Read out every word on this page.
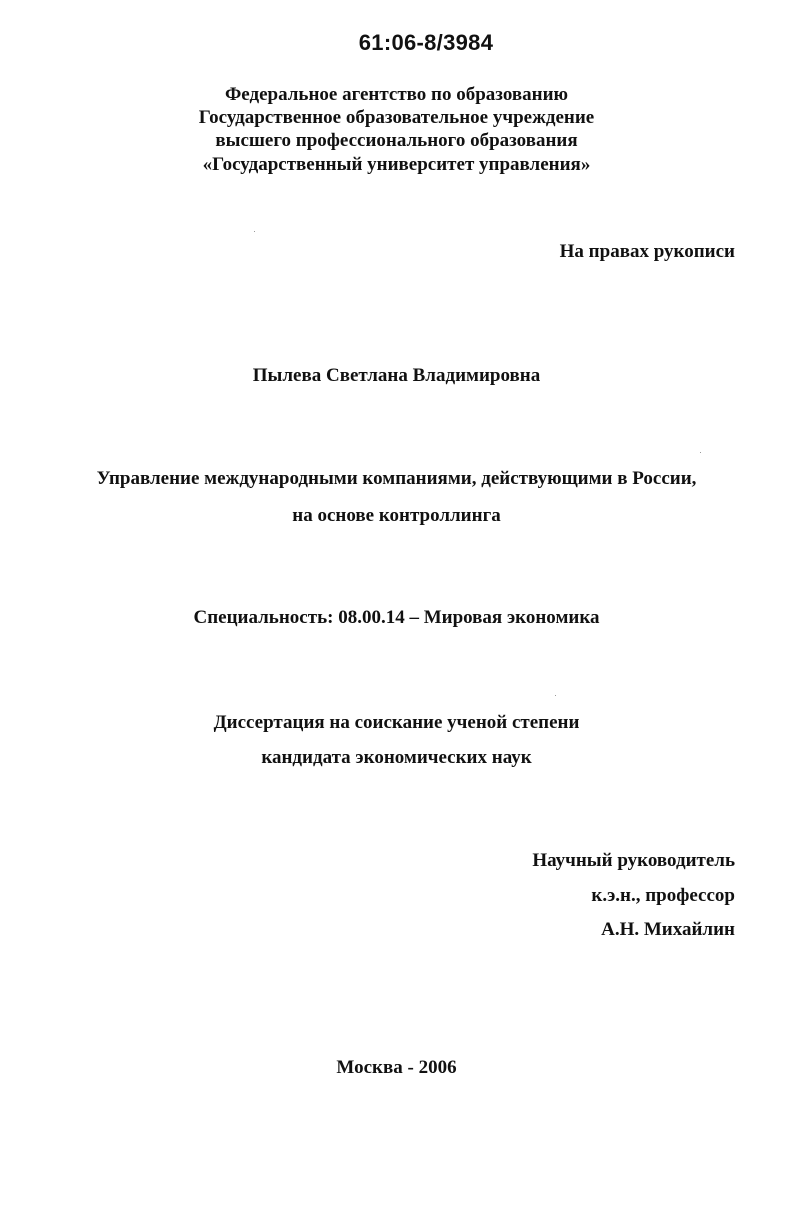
61:06-8/3984
Федеральное агентство по образованию
Государственное образовательное учреждение
высшего профессионального образования
«Государственный университет управления»
На правах рукописи
Пылева Светлана Владимировна
Управление международными компаниями, действующими в России,
на основе контроллинга
Специальность: 08.00.14 – Мировая экономика
Диссертация на соискание ученой степени
кандидата экономических наук
Научный руководитель
к.э.н., профессор
А.Н. Михайлин
Москва - 2006
